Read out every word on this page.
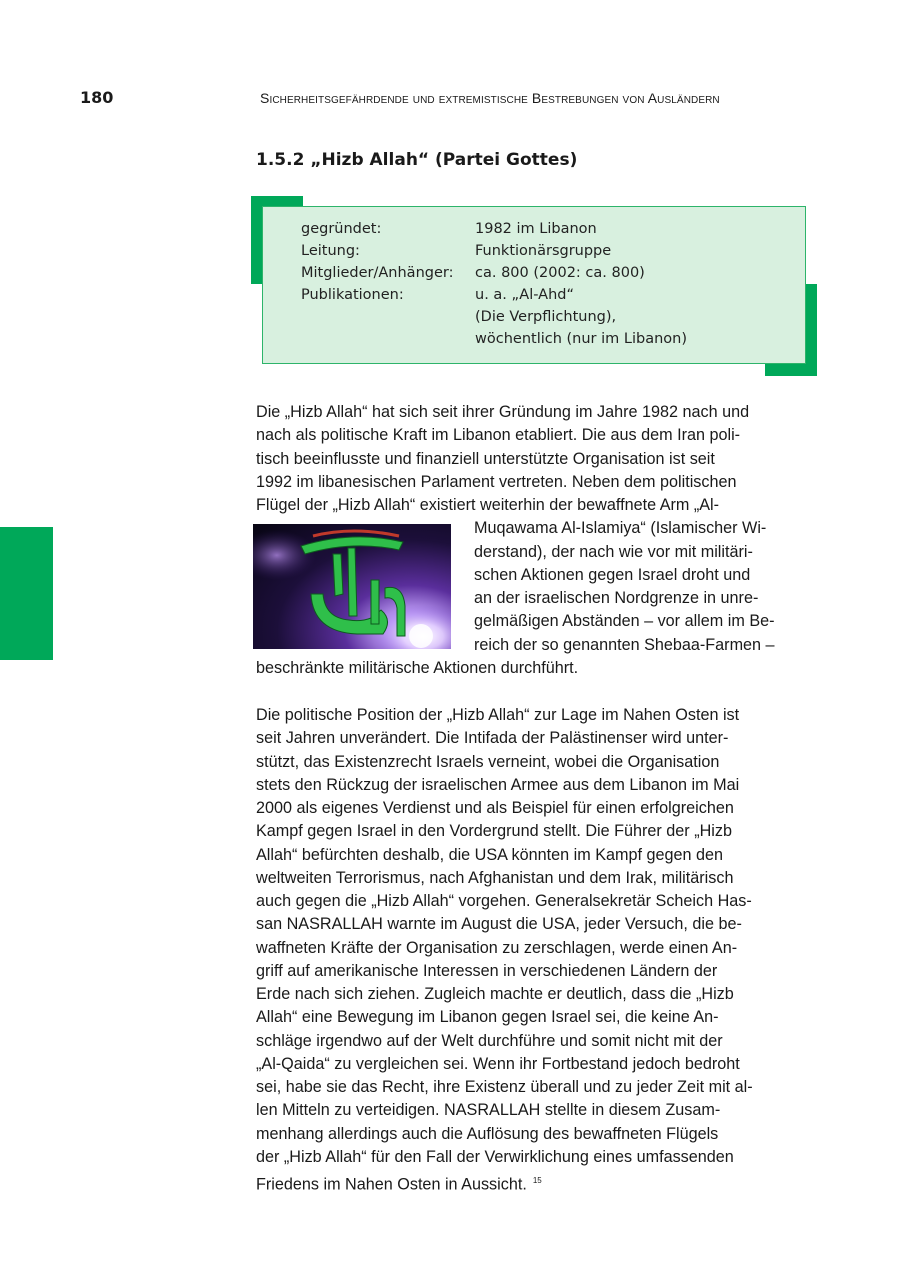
180	Sicherheitsgefährdende und extremistische Bestrebungen von Ausländern
1.5.2 „Hizb Allah“ (Partei Gottes)
gegründet:	1982 im Libanon
Leitung:	Funktionärsgruppe
Mitglieder/Anhänger: ca. 800 (2002: ca. 800)
Publikationen:	u. a. „Al-Ahd“
(Die Verpflichtung),
wöchentlich (nur im Libanon)
Die „Hizb Allah“ hat sich seit ihrer Gründung im Jahre 1982 nach und
nach als politische Kraft im Libanon etabliert. Die aus dem Iran poli-
tisch beeinflusste und finanziell unterstützte Organisation ist seit
1992 im libanesischen Parlament vertreten. Neben dem politischen
Flügel der „Hizb Allah“ existiert weiterhin der bewaffnete Arm „Al-
Muqawama Al-Islamiya“ (Islamischer Wi-
derstand), der nach wie vor mit militäri-
schen Aktionen gegen Israel droht und
an der israelischen Nordgrenze in unre-
gelmäßigen Abständen – vor allem im Be-
reich der so genannten Shebaa-Farmen –
beschränkte militärische Aktionen durchführt.
Die politische Position der „Hizb Allah“ zur Lage im Nahen Osten ist
seit Jahren unverändert. Die Intifada der Palästinenser wird unter-
stützt, das Existenzrecht Israels verneint, wobei die Organisation
stets den Rückzug der israelischen Armee aus dem Libanon im Mai
2000 als eigenes Verdienst und als Beispiel für einen erfolgreichen
Kampf gegen Israel in den Vordergrund stellt. Die Führer der „Hizb
Allah“ befürchten deshalb, die USA könnten im Kampf gegen den
weltweiten Terrorismus, nach Afghanistan und dem Irak, militärisch
auch gegen die „Hizb Allah“ vorgehen. Generalsekretär Scheich Has-
san NASRALLAH warnte im August die USA, jeder Versuch, die be-
waffneten Kräfte der Organisation zu zerschlagen, werde einen An-
griff auf amerikanische Interessen in verschiedenen Ländern der
Erde nach sich ziehen. Zugleich machte er deutlich, dass die „Hizb
Allah“ eine Bewegung im Libanon gegen Israel sei, die keine An-
schläge irgendwo auf der Welt durchführe und somit nicht mit der
„Al-Qaida“ zu vergleichen sei. Wenn ihr Fortbestand jedoch bedroht
sei, habe sie das Recht, ihre Existenz überall und zu jeder Zeit mit al-
len Mitteln zu verteidigen. NASRALLAH stellte in diesem Zusam-
menhang allerdings auch die Auflösung des bewaffneten Flügels
der „Hizb Allah“ für den Fall der Verwirklichung eines umfassenden
Friedens im Nahen Osten in Aussicht. $^{15}$
